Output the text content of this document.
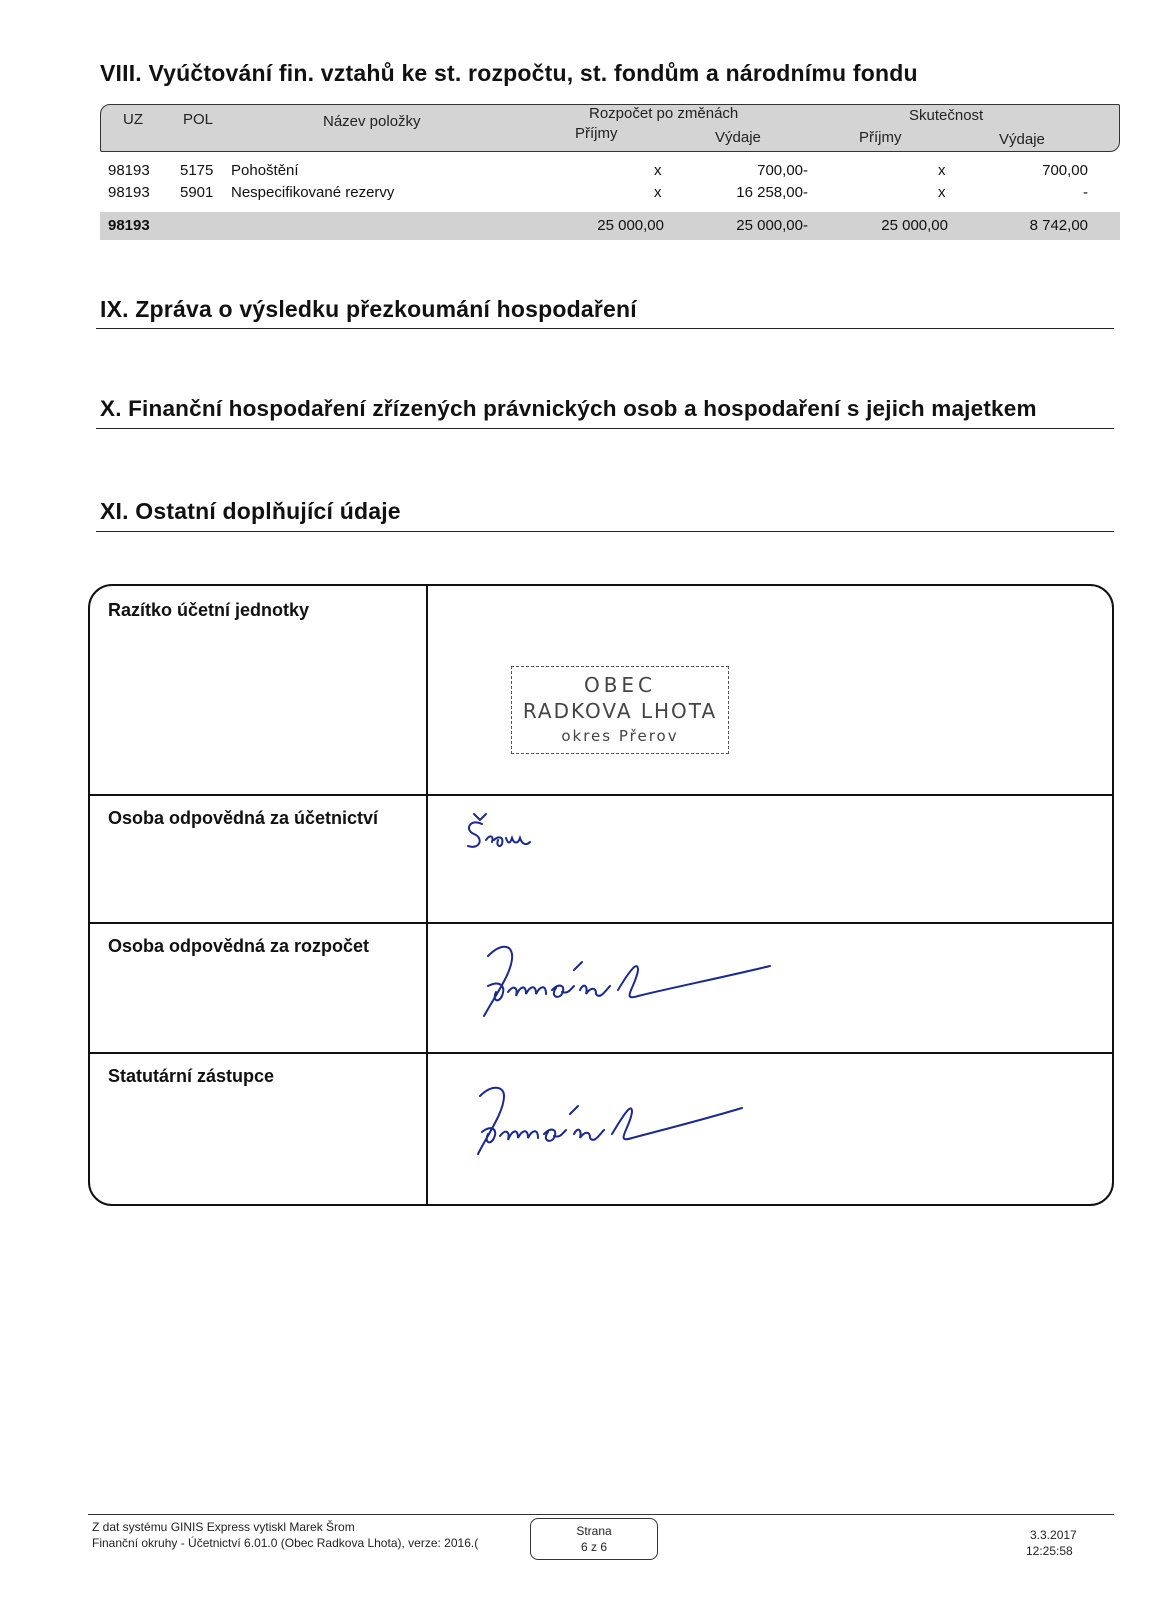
VIII. Vyúčtování fin. vztahů ke st. rozpočtu, st. fondům a národnímu fondu
UZ	POL	Název položky	Rozpočet po změnách	Skutečnost
Příjmy	Výdaje	Příjmy	Výdaje
98193 5175 Pohoštění	x	700,00-	x	700,00
98193 5901 Nespecifikované rezervy	x	16 258,00-	x	-
98193	25 000,00	25 000,00-	25 000,00	8 742,00
IX. Zpráva o výsledku přezkoumání hospodaření
X. Finanční hospodaření zřízených právnických osob a hospodaření s jejich majetkem
XI. Ostatní doplňující údaje
Razítko účetní jednotky
Osoba odpovědná za účetnictví
Osoba odpovědná za rozpočet
Statutární zástupce
OBEC
RADKOVA LHOTA
okres Přerov
Z dat systému GINIS Express vytiskl Marek Šrom
Finanční okruhy - Účetnictví 6.01.0 (Obec Radkova Lhota), verze: 2016.(
Strana
6 z 6
3.3.2017
12:25:58
